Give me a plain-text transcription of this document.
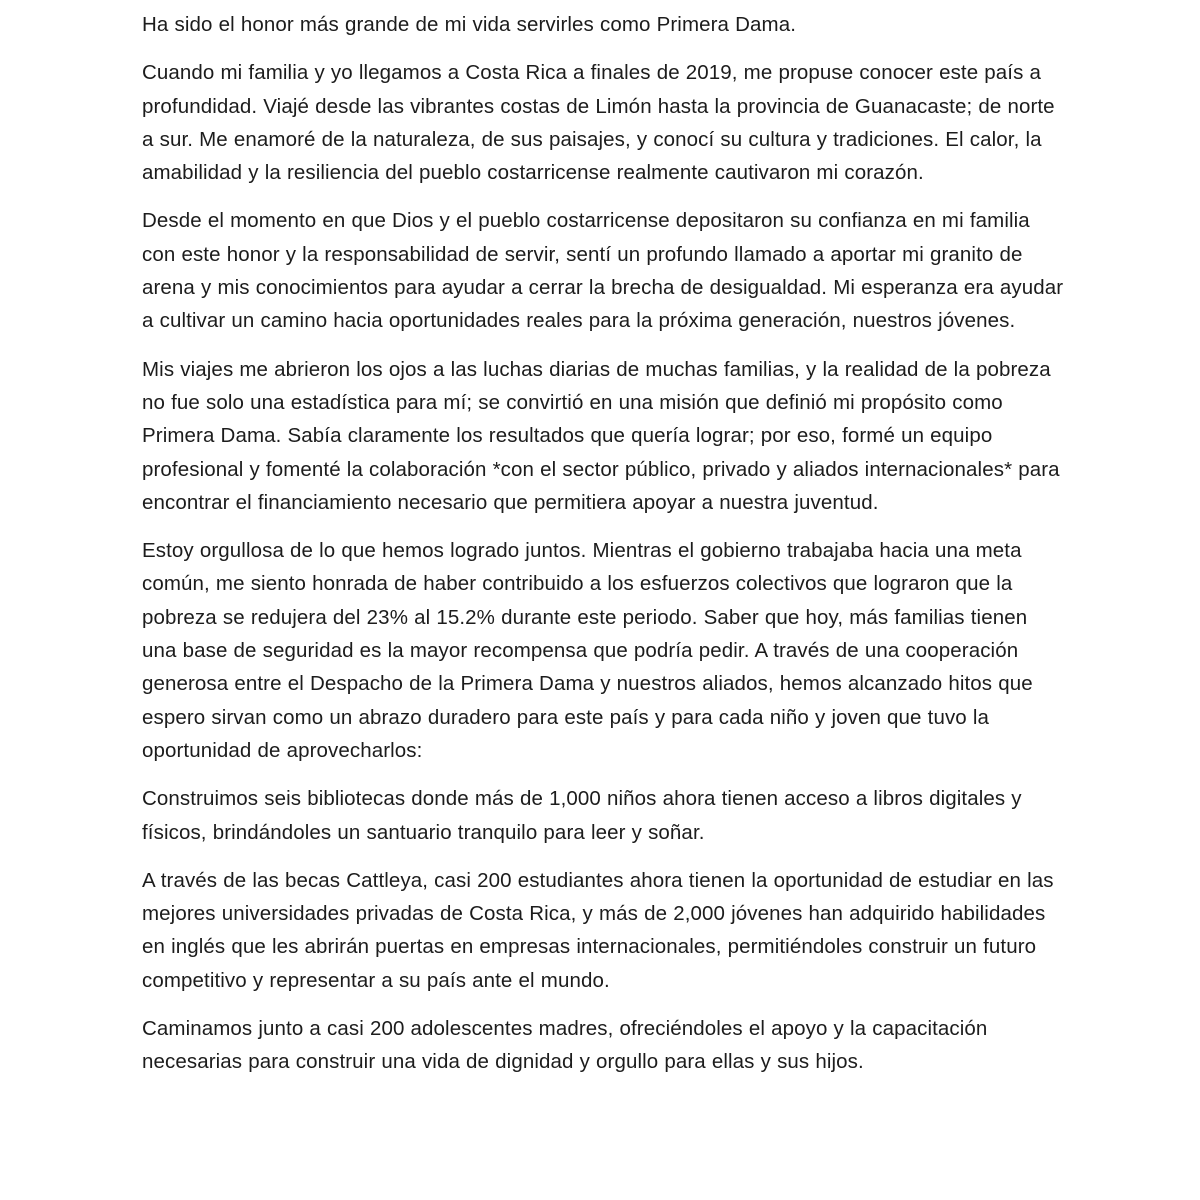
Ha sido el honor más grande de mi vida servirles como Primera Dama.

Cuando mi familia y yo llegamos a Costa Rica a finales de 2019, me propuse conocer este país a profundidad. Viajé desde las vibrantes costas de Limón hasta la provincia de Guanacaste; de norte a sur. Me enamoré de la naturaleza, de sus paisajes, y conocí su cultura y tradiciones. El calor, la amabilidad y la resiliencia del pueblo costarricense realmente cautivaron mi corazón.

Desde el momento en que Dios y el pueblo costarricense depositaron su confianza en mi familia con este honor y la responsabilidad de servir, sentí un profundo llamado a aportar mi granito de arena y mis conocimientos para ayudar a cerrar la brecha de desigualdad. Mi esperanza era ayudar a cultivar un camino hacia oportunidades reales para la próxima generación, nuestros jóvenes.

Mis viajes me abrieron los ojos a las luchas diarias de muchas familias, y la realidad de la pobreza no fue solo una estadística para mí; se convirtió en una misión que definió mi propósito como Primera Dama. Sabía claramente los resultados que quería lograr; por eso, formé un equipo profesional y fomenté la colaboración *con el sector público, privado y aliados internacionales* para encontrar el financiamiento necesario que permitiera apoyar a nuestra juventud.

Estoy orgullosa de lo que hemos logrado juntos. Mientras el gobierno trabajaba hacia una meta común, me siento honrada de haber contribuido a los esfuerzos colectivos que lograron que la pobreza se redujera del 23% al 15.2% durante este periodo. Saber que hoy, más familias tienen una base de seguridad es la mayor recompensa que podría pedir. A través de una cooperación generosa entre el Despacho de la Primera Dama y nuestros aliados, hemos alcanzado hitos que espero sirvan como un abrazo duradero para este país y para cada niño y joven que tuvo la oportunidad de aprovecharlos:

Construimos seis bibliotecas donde más de 1,000 niños ahora tienen acceso a libros digitales y físicos, brindándoles un santuario tranquilo para leer y soñar.

A través de las becas Cattleya, casi 200 estudiantes ahora tienen la oportunidad de estudiar en las mejores universidades privadas de Costa Rica, y más de 2,000 jóvenes han adquirido habilidades en inglés que les abrirán puertas en empresas internacionales, permitiéndoles construir un futuro competitivo y representar a su país ante el mundo.

Caminamos junto a casi 200 adolescentes madres, ofreciéndoles el apoyo y la capacitación necesarias para construir una vida de dignidad y orgullo para ellas y sus hijos.
